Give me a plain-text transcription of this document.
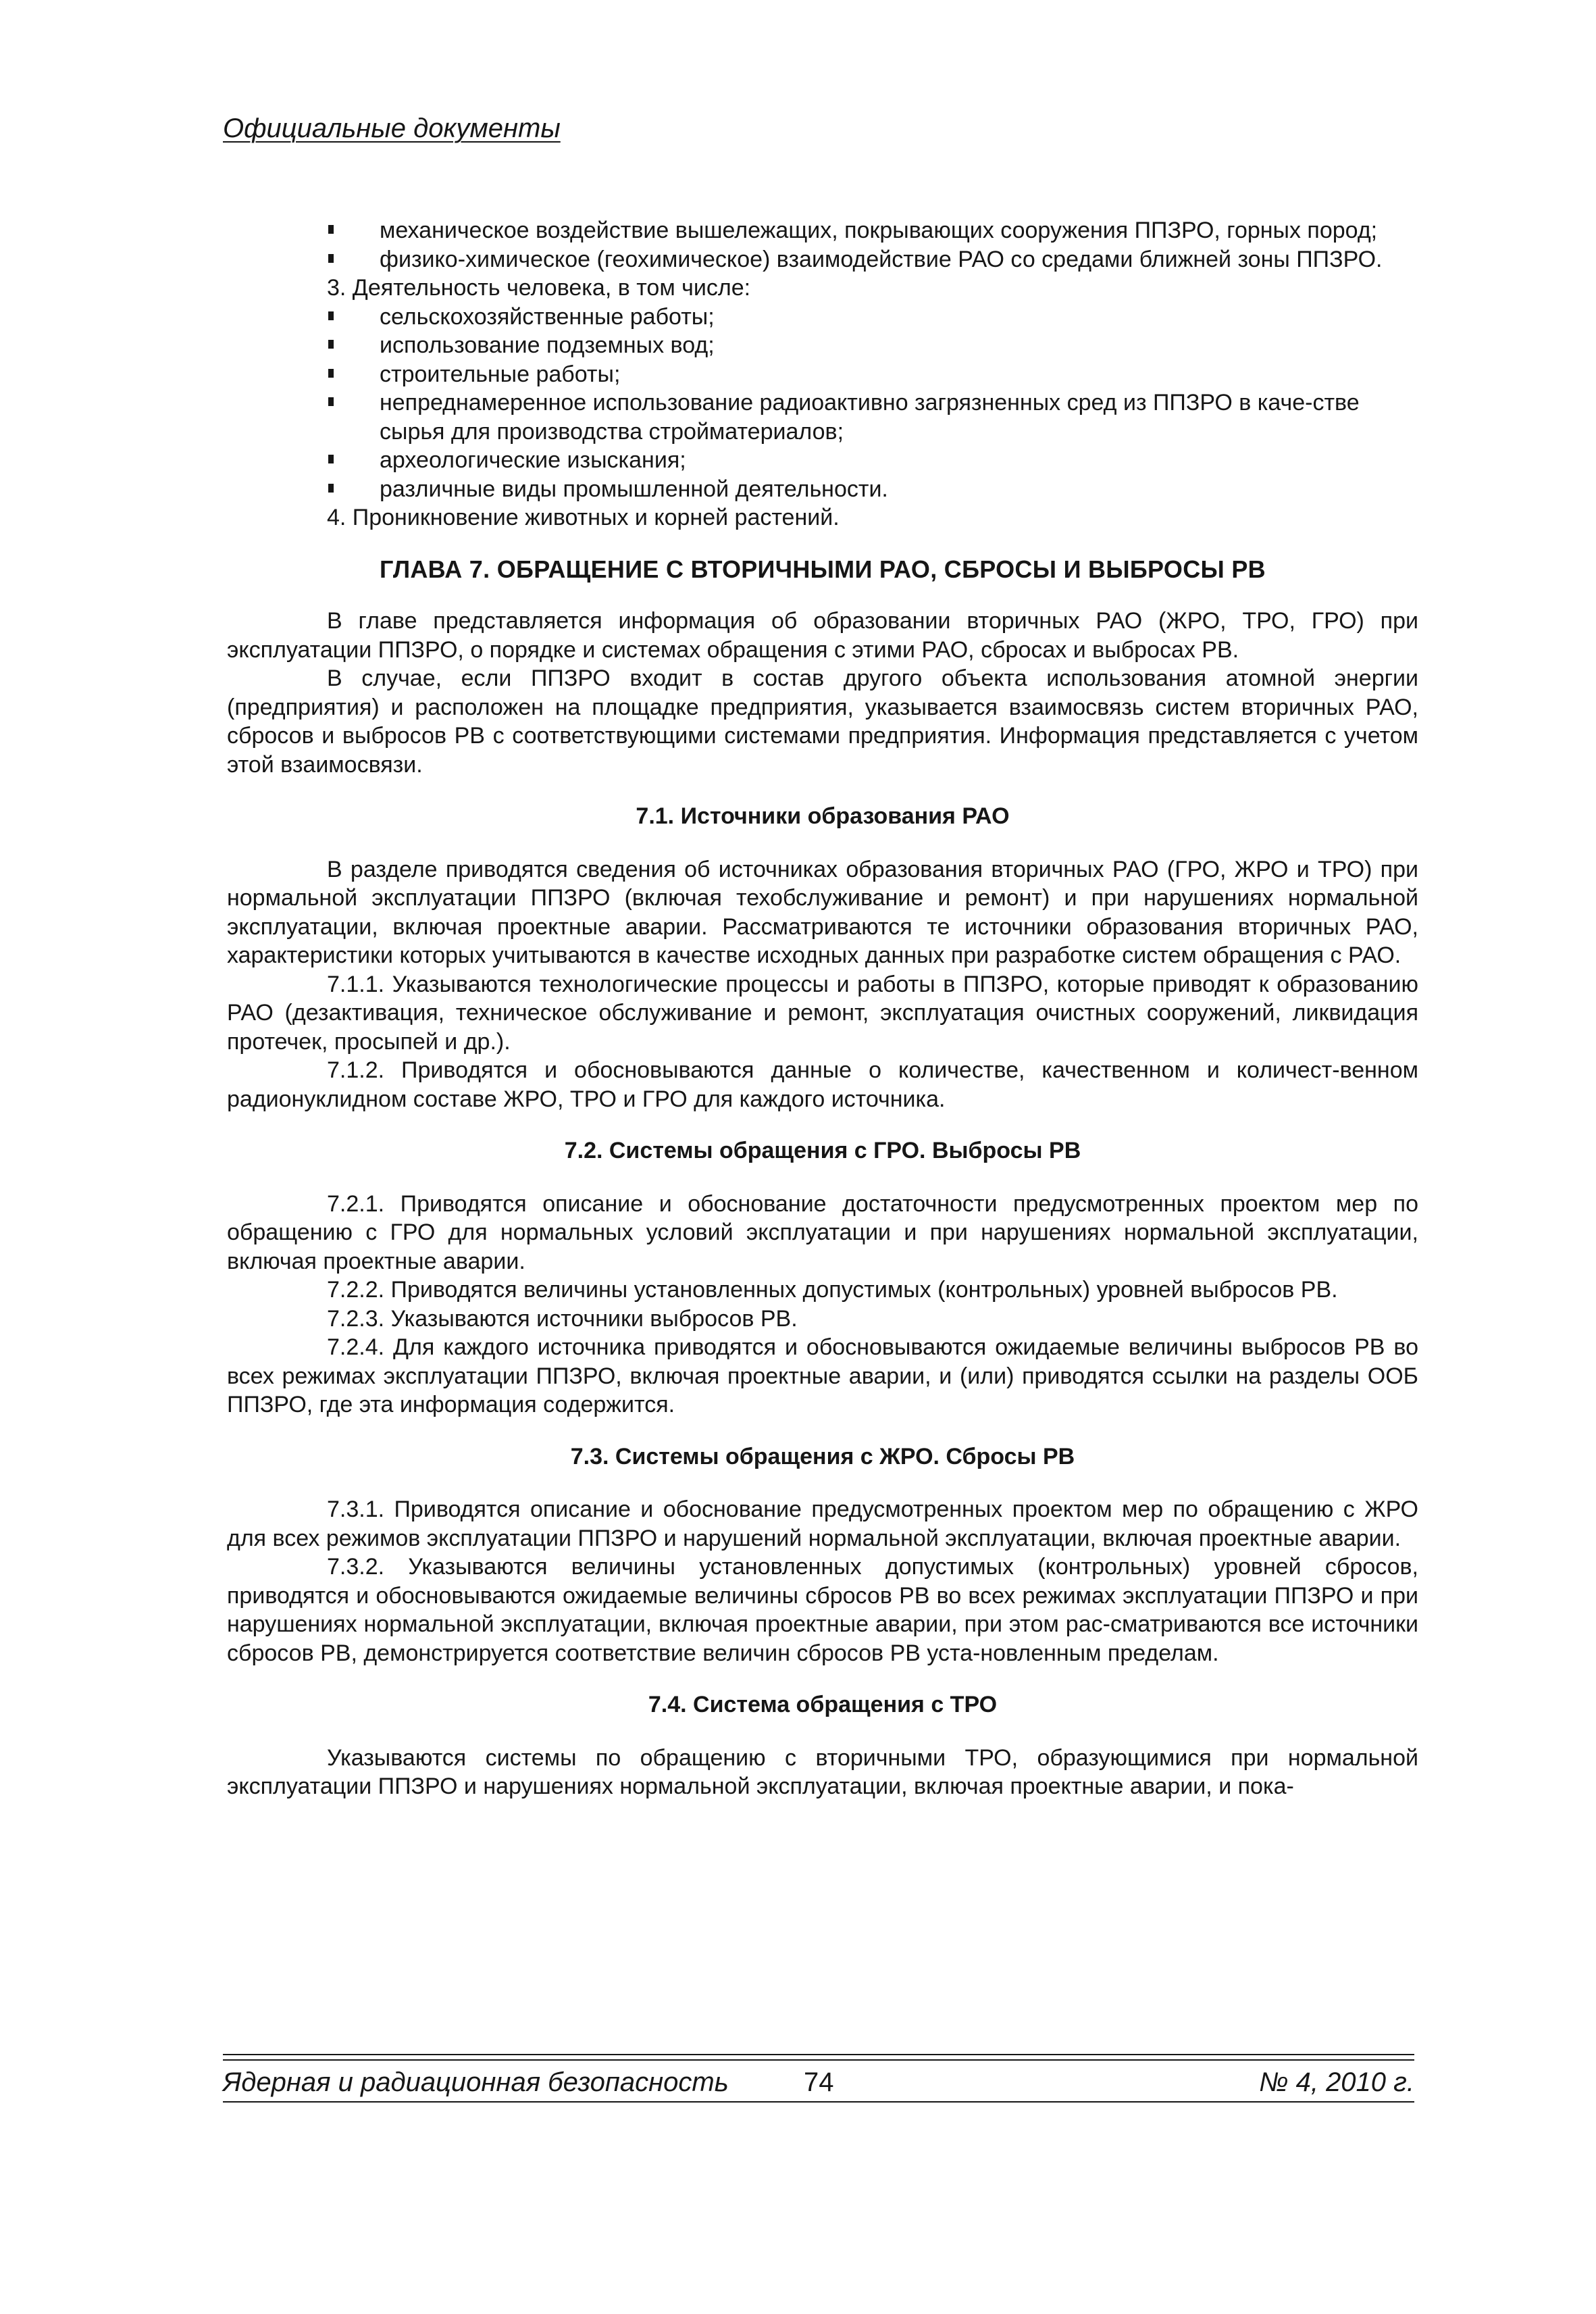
Официальные документы
механическое воздействие вышележащих, покрывающих сооружения ППЗРО, горных пород;
физико-химическое (геохимическое) взаимодействие РАО со средами ближней зоны ППЗРО.

3. Деятельность человека, в том числе:

сельскохозяйственные работы;
использование подземных вод;
строительные работы;
непреднамеренное использование радиоактивно загрязненных сред из ППЗРО в каче-стве сырья для производства стройматериалов;
археологические изыскания;
различные виды промышленной деятельности.

4. Проникновение животных и корней растений.

ГЛАВА 7. ОБРАЩЕНИЕ С ВТОРИЧНЫМИ РАО, СБРОСЫ И ВЫБРОСЫ РВ

В главе представляется информация об образовании вторичных РАО (ЖРО, ТРО, ГРО) при эксплуатации ППЗРО, о порядке и системах обращения с этими РАО, сбросах и выбросах РВ.

В случае, если ППЗРО входит в состав другого объекта использования атомной энергии (предприятия) и расположен на площадке предприятия, указывается взаимосвязь систем вторичных РАО, сбросов и выбросов РВ с соответствующими системами предприятия. Информация представляется с учетом этой взаимосвязи.

7.1. Источники образования РАО

В разделе приводятся сведения об источниках образования вторичных РАО (ГРО, ЖРО и ТРО) при нормальной эксплуатации ППЗРО (включая техобслуживание и ремонт) и при нарушениях нормальной эксплуатации, включая проектные аварии. Рассматриваются те источники образования вторичных РАО, характеристики которых учитываются в качестве исходных данных при разработке систем обращения с РАО.

7.1.1. Указываются технологические процессы и работы в ППЗРО, которые приводят к образованию РАО (дезактивация, техническое обслуживание и ремонт, эксплуатация очистных сооружений, ликвидация протечек, просыпей и др.).

7.1.2. Приводятся и обосновываются данные о количестве, качественном и количест-венном радионуклидном составе ЖРО, ТРО и ГРО для каждого источника.

7.2. Системы обращения с ГРО. Выбросы РВ

7.2.1. Приводятся описание и обоснование достаточности предусмотренных проектом мер по обращению с ГРО для нормальных условий эксплуатации и при нарушениях нормальной эксплуатации, включая проектные аварии.

7.2.2. Приводятся величины установленных допустимых (контрольных) уровней выбросов РВ.

7.2.3. Указываются источники выбросов РВ.

7.2.4. Для каждого источника приводятся и обосновываются ожидаемые величины выбросов РВ во всех режимах эксплуатации ППЗРО, включая проектные аварии, и (или) приводятся ссылки на разделы ООБ ППЗРО, где эта информация содержится.

7.3. Системы обращения с ЖРО. Сбросы РВ

7.3.1. Приводятся описание и обоснование предусмотренных проектом мер по обращению с ЖРО для всех режимов эксплуатации ППЗРО и нарушений нормальной эксплуатации, включая проектные аварии.

7.3.2. Указываются величины установленных допустимых (контрольных) уровней сбросов, приводятся и обосновываются ожидаемые величины сбросов РВ во всех режимах эксплуатации ППЗРО и при нарушениях нормальной эксплуатации, включая проектные аварии, при этом рас-сматриваются все источники сбросов РВ, демонстрируется соответствие величин сбросов РВ уста-новленным пределам.

7.4. Система обращения с ТРО

Указываются системы по обращению с вторичными ТРО, образующимися при нормальной эксплуатации ППЗРО и нарушениях нормальной эксплуатации, включая проектные аварии, и пока-

Ядерная и радиационная безопасность	74	№ 4, 2010 г.
